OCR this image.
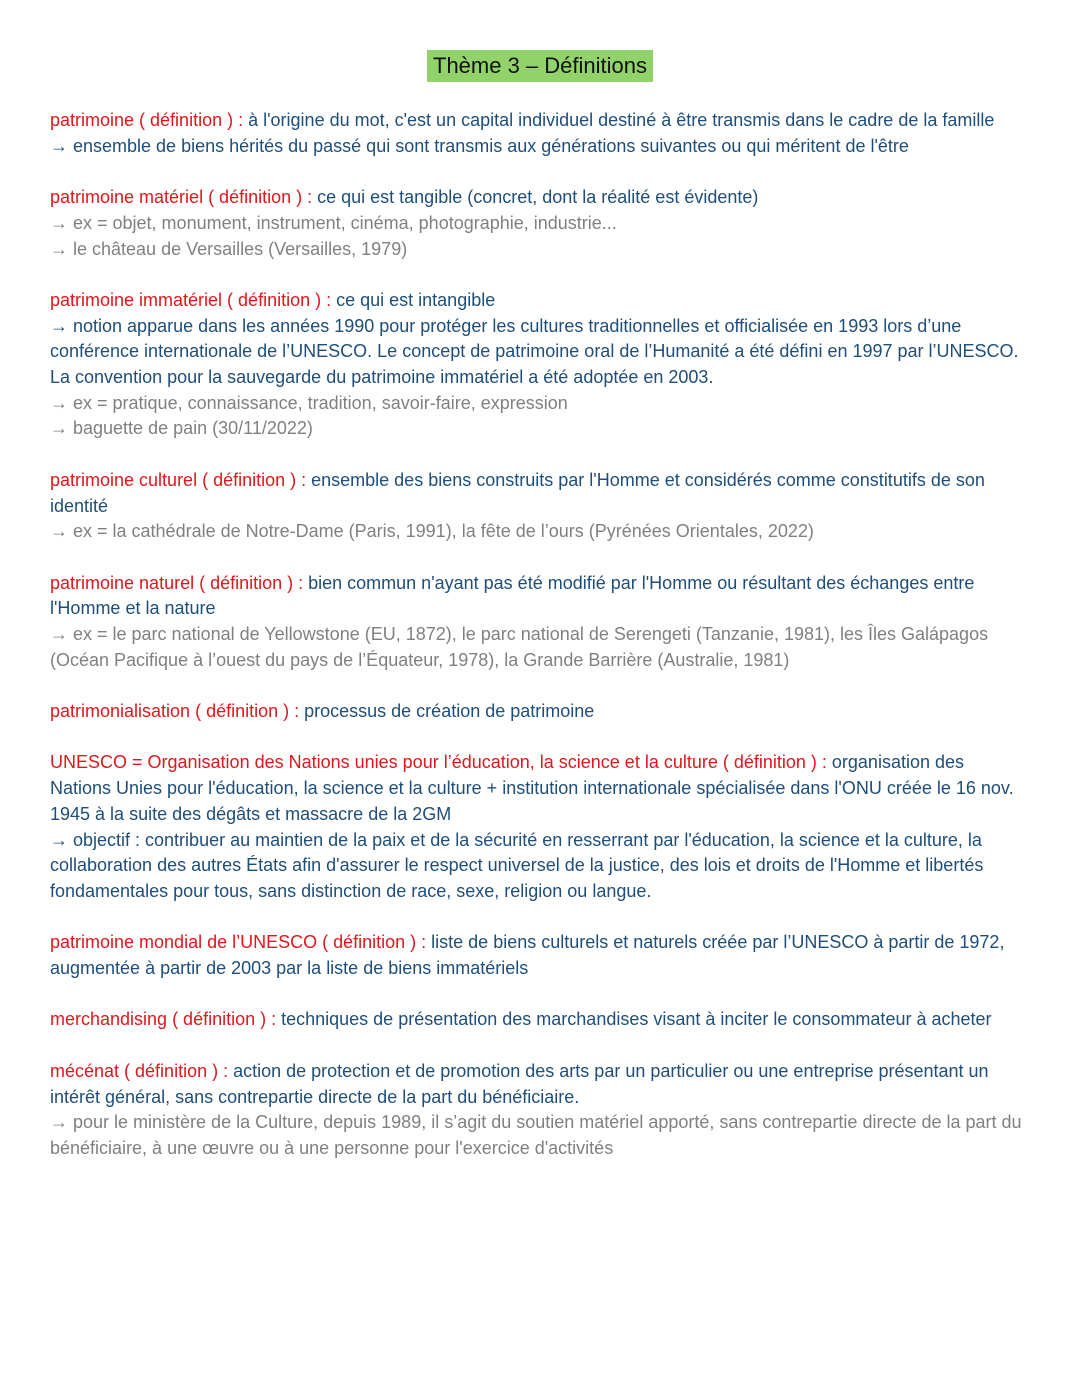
Thème 3 – Définitions

patrimoine ( définition ) : à l'origine du mot, c'est un capital individuel destiné à être transmis dans le cadre de la famille

→ ensemble de biens hérités du passé qui sont transmis aux générations suivantes ou qui méritent de l'être

patrimoine matériel ( définition ) : ce qui est tangible (concret, dont la réalité est évidente)

→ ex = objet, monument, instrument, cinéma, photographie, industrie...

→ le château de Versailles (Versailles, 1979)

patrimoine immatériel ( définition ) : ce qui est intangible

→ notion apparue dans les années 1990 pour protéger les cultures traditionnelles et officialisée en 1993 lors d’une conférence internationale de l’UNESCO. Le concept de patrimoine oral de l’Humanité a été défini en 1997 par l’UNESCO. La convention pour la sauvegarde du patrimoine immatériel a été adoptée en 2003.

→ ex = pratique, connaissance, tradition, savoir-faire, expression

→ baguette de pain (30/11/2022)

patrimoine culturel ( définition ) : ensemble des biens construits par l'Homme et considérés comme constitutifs de son identité

→ ex = la cathédrale de Notre-Dame (Paris, 1991), la fête de l’ours (Pyrénées Orientales, 2022)

patrimoine naturel ( définition ) : bien commun n'ayant pas été modifié par l'Homme ou résultant des échanges entre l'Homme et la nature

→ ex = le parc national de Yellowstone (EU, 1872), le parc national de Serengeti (Tanzanie, 1981), les Îles Galápagos (Océan Pacifique à l’ouest du pays de l’Équateur, 1978), la Grande Barrière (Australie, 1981)

patrimonialisation ( définition ) : processus de création de patrimoine

UNESCO = Organisation des Nations unies pour l’éducation, la science et la culture ( définition ) : organisation des Nations Unies pour l'éducation, la science et la culture + institution internationale spécialisée dans l'ONU créée le 16 nov. 1945 à la suite des dégâts et massacre de la 2GM

→ objectif : contribuer au maintien de la paix et de la sécurité en resserrant par l'éducation, la science et la culture, la collaboration des autres États afin d'assurer le respect universel de la justice, des lois et droits de l'Homme et libertés fondamentales pour tous, sans distinction de race, sexe, religion ou langue.

patrimoine mondial de l’UNESCO ( définition ) : liste de biens culturels et naturels créée par l’UNESCO à partir de 1972, augmentée à partir de 2003 par la liste de biens immatériels

merchandising ( définition ) : techniques de présentation des marchandises visant à inciter le consommateur à acheter

mécénat ( définition ) : action de protection et de promotion des arts par un particulier ou une entreprise présentant un intérêt général, sans contrepartie directe de la part du bénéficiaire.

→ pour le ministère de la Culture, depuis 1989, il s’agit du soutien matériel apporté, sans contrepartie directe de la part du bénéficiaire, à une œuvre ou à une personne pour l'exercice d'activités
